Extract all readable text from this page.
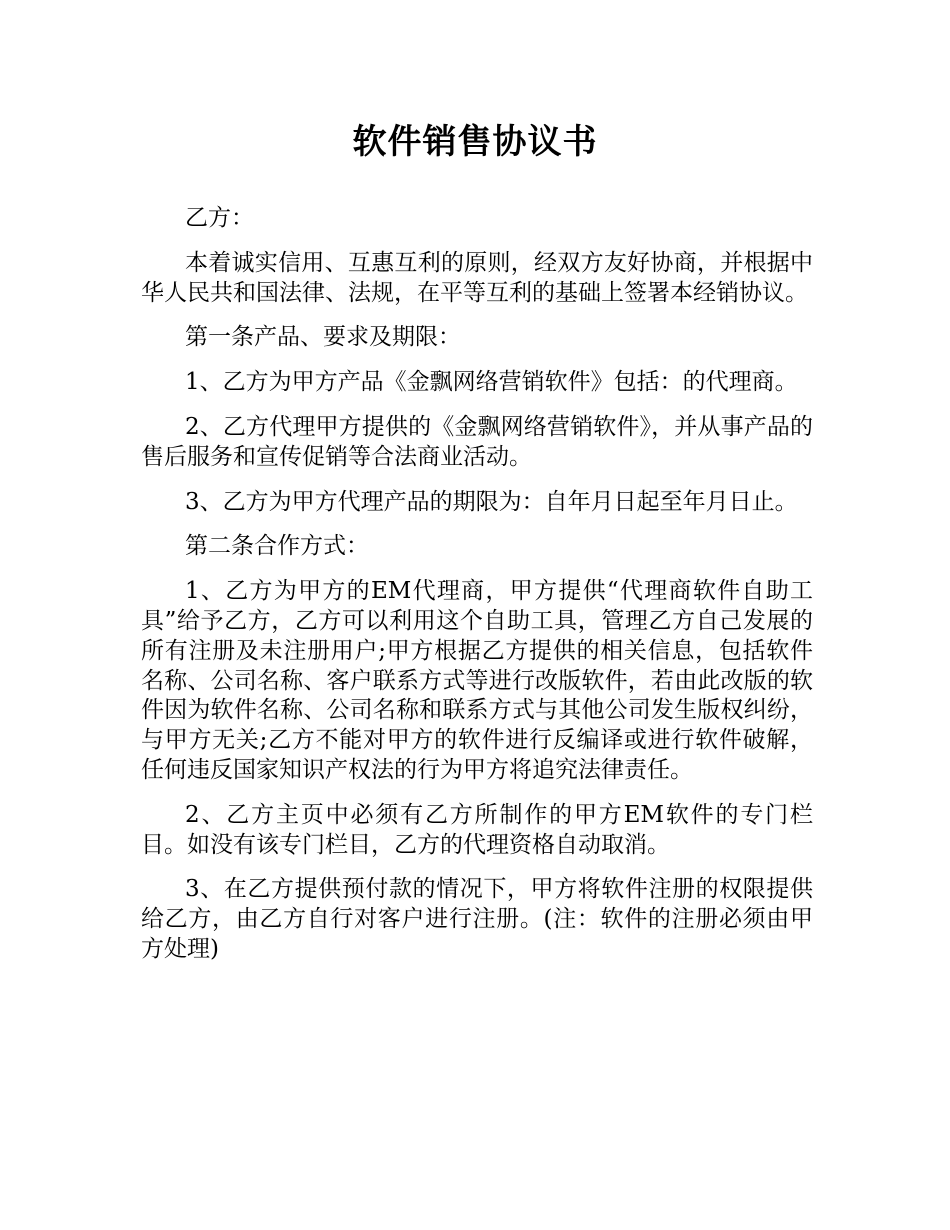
软件销售协议书

乙方：

本着诚实信用、互惠互利的原则，经双方友好协商，并根据中华人民共和国法律、法规，在平等互利的基础上签署本经销协议。

第一条产品、要求及期限：

1、乙方为甲方产品《金飘网络营销软件》包括：的代理商。

2、乙方代理甲方提供的《金飘网络营销软件》，并从事产品的售后服务和宣传促销等合法商业活动。

3、乙方为甲方代理产品的期限为：自年月日起至年月日止。

第二条合作方式：

1、乙方为甲方的EM代理商，甲方提供“代理商软件自助工具”给予乙方，乙方可以利用这个自助工具，管理乙方自己发展的所有注册及未注册用户;甲方根据乙方提供的相关信息，包括软件名称、公司名称、客户联系方式等进行改版软件，若由此改版的软件因为软件名称、公司名称和联系方式与其他公司发生版权纠纷，与甲方无关;乙方不能对甲方的软件进行反编译或进行软件破解，任何违反国家知识产权法的行为甲方将追究法律责任。

2、乙方主页中必须有乙方所制作的甲方EM软件的专门栏目。如没有该专门栏目，乙方的代理资格自动取消。

3、在乙方提供预付款的情况下，甲方将软件注册的权限提供给乙方，由乙方自行对客户进行注册。(注：软件的注册必须由甲方处理)
